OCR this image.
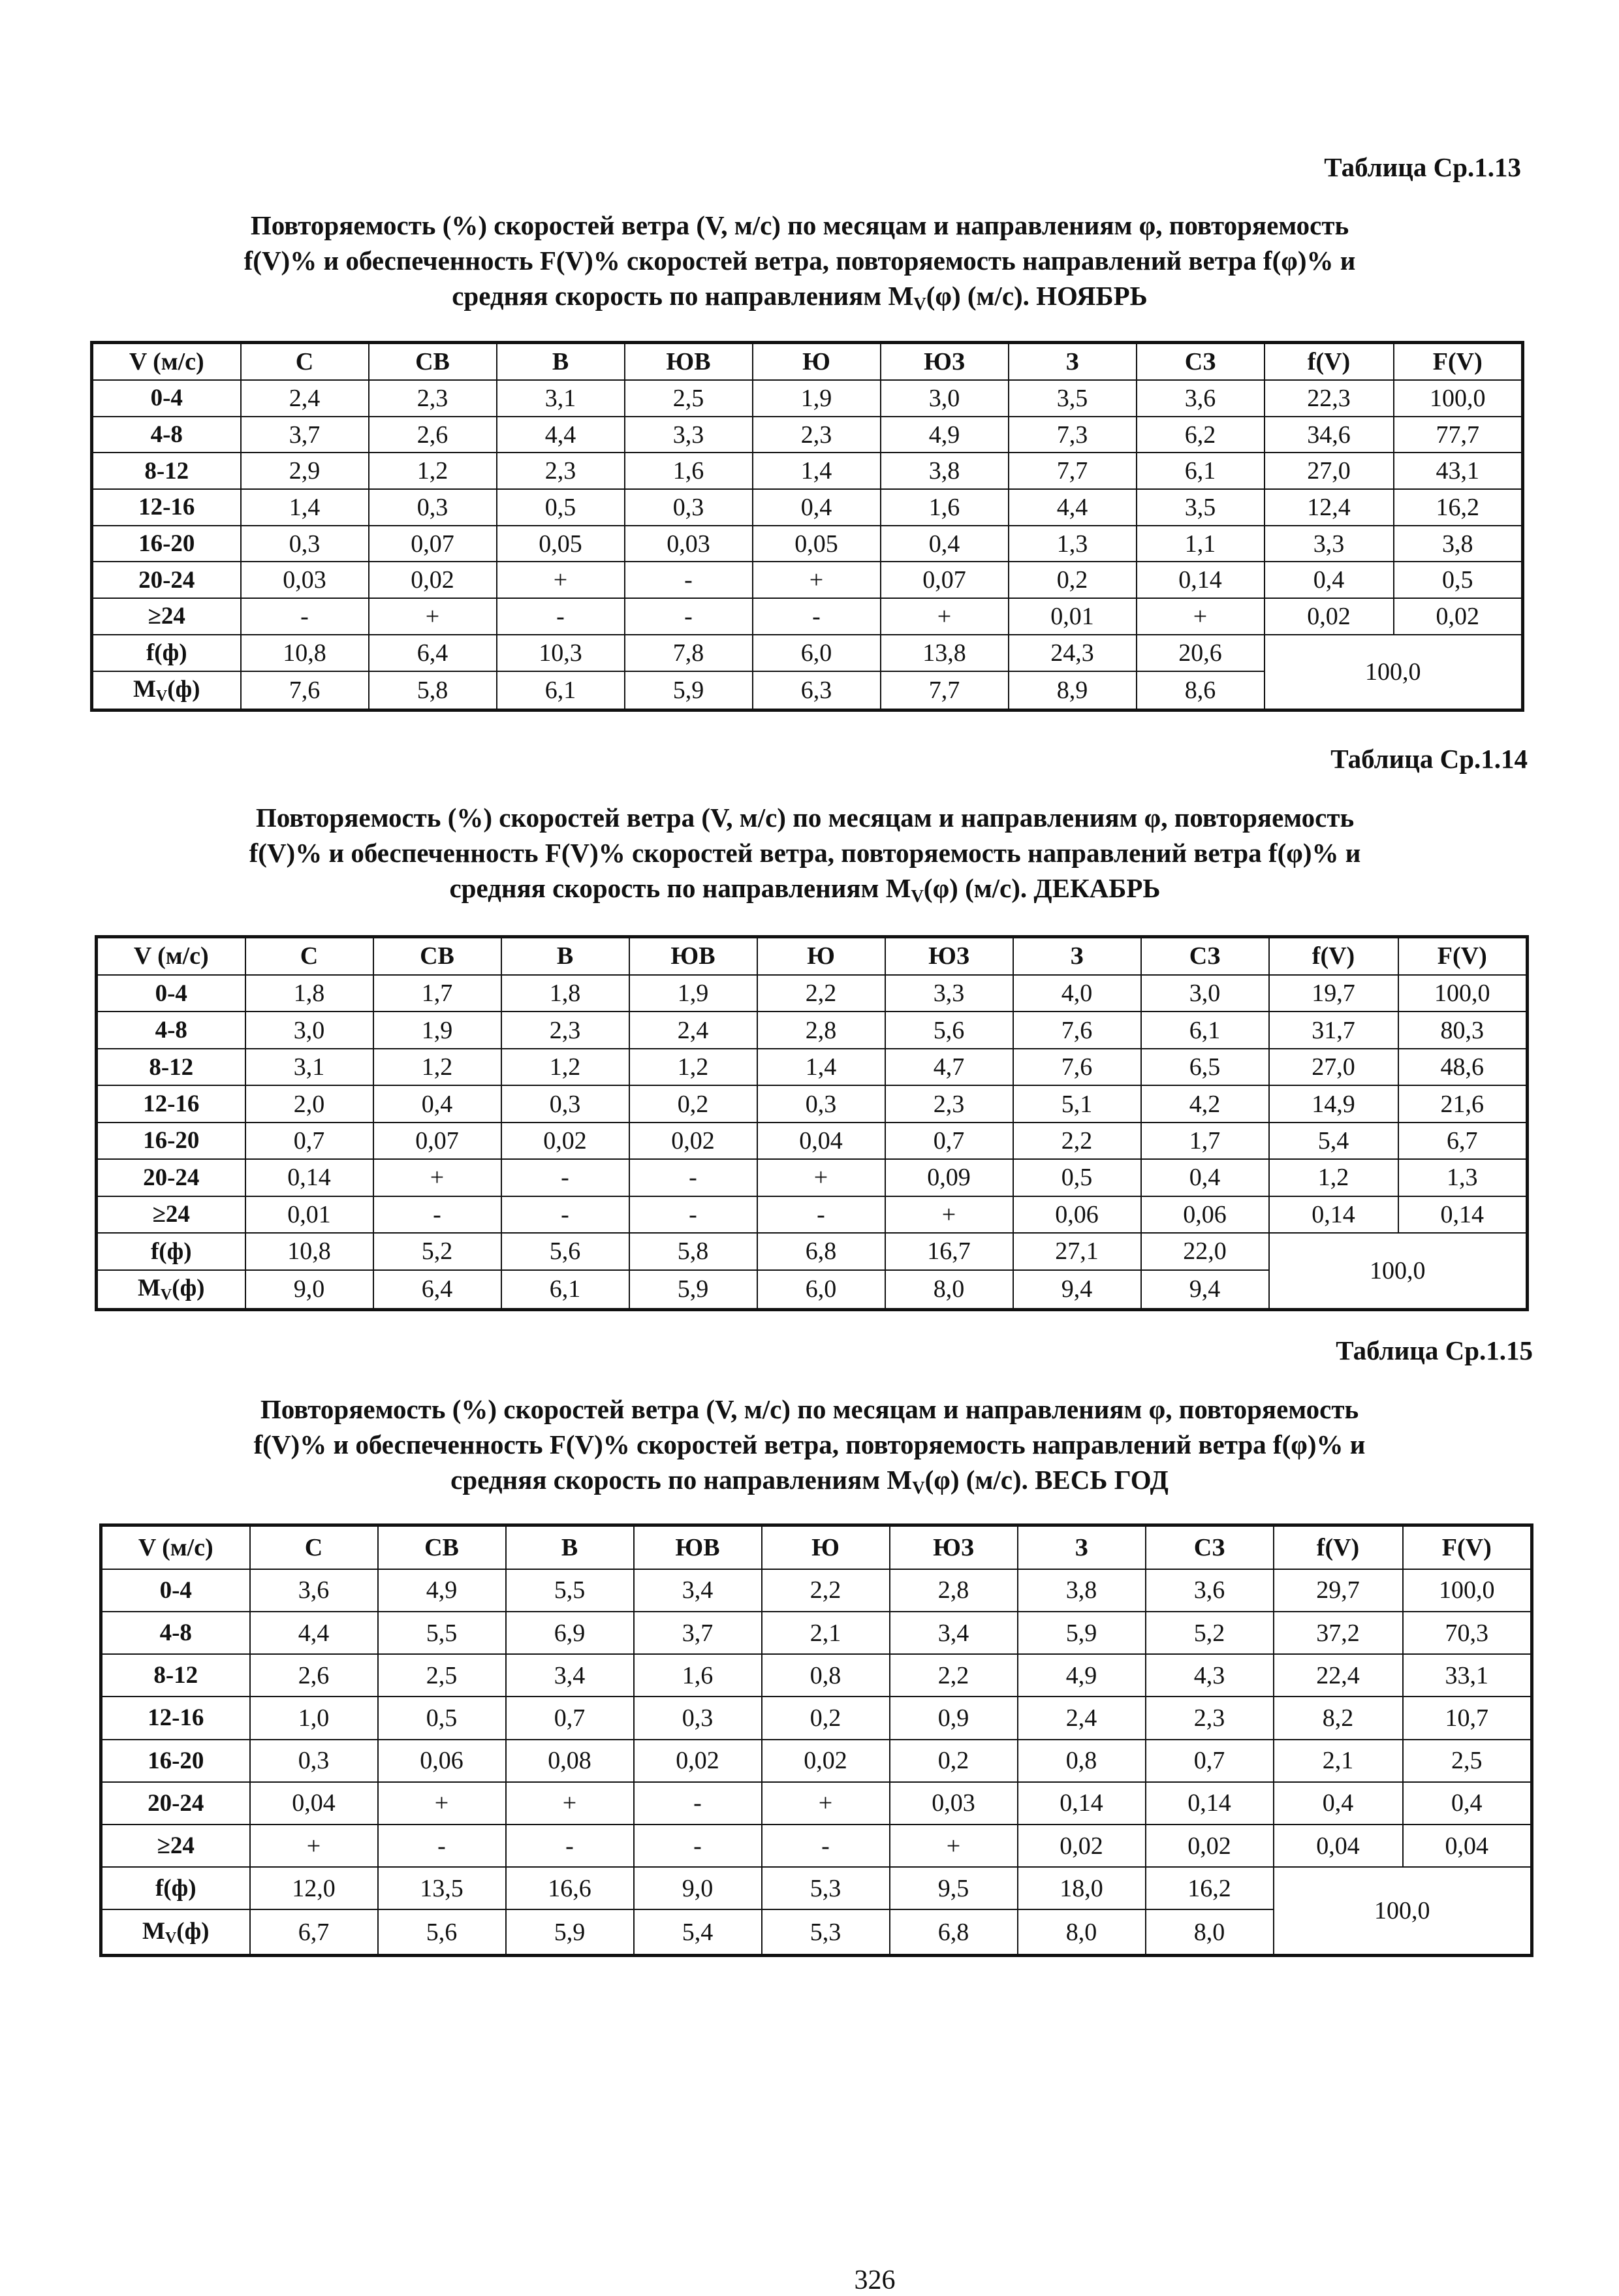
Таблица Ср.1.13

Повторяемость (%) скоростей ветра (V, м/с) по месяцам и направлениям φ, повторяемость
f(V)% и обеспеченность F(V)% скоростей ветра, повторяемость направлений ветра f(φ)% и
средняя скорость по направлениям $M_V(\varphi)$ (м/с). НОЯБРЬ

V (м/с)	С	СВ	В	ЮВ	Ю	ЮЗ	З	СЗ	f(V)	F(V)
0-4	2,4	2,3	3,1	2,5	1,9	3,0	3,5	3,6	22,3	100,0
4-8	3,7	2,6	4,4	3,3	2,3	4,9	7,3	6,2	34,6	77,7
8-12	2,9	1,2	2,3	1,6	1,4	3,8	7,7	6,1	27,0	43,1
12-16	1,4	0,3	0,5	0,3	0,4	1,6	4,4	3,5	12,4	16,2
16-20	0,3	0,07	0,05	0,03	0,05	0,4	1,3	1,1	3,3	3,8
20-24	0,03	0,02	+	-	+	0,07	0,2	0,14	0,4	0,5
≥24	-	+	-	-	-	+	0,01	+	0,02	0,02
f(ф)	10,8	6,4	10,3	7,8	6,0	13,8	24,3	20,6	100,0	
$M_V(ф)$	7,6	5,8	6,1	5,9	6,3	7,7	8,9	8,6		

Таблица Ср.1.14

Повторяемость (%) скоростей ветра (V, м/с) по месяцам и направлениям φ, повторяемость
f(V)% и обеспеченность F(V)% скоростей ветра, повторяемость направлений ветра f(φ)% и
средняя скорость по направлениям $M_V(\varphi)$ (м/с). ДЕКАБРЬ

V (м/с)	С	СВ	В	ЮВ	Ю	ЮЗ	З	СЗ	f(V)	F(V)
0-4	1,8	1,7	1,8	1,9	2,2	3,3	4,0	3,0	19,7	100,0
4-8	3,0	1,9	2,3	2,4	2,8	5,6	7,6	6,1	31,7	80,3
8-12	3,1	1,2	1,2	1,2	1,4	4,7	7,6	6,5	27,0	48,6
12-16	2,0	0,4	0,3	0,2	0,3	2,3	5,1	4,2	14,9	21,6
16-20	0,7	0,07	0,02	0,02	0,04	0,7	2,2	1,7	5,4	6,7
20-24	0,14	+	-	-	+	0,09	0,5	0,4	1,2	1,3
≥24	0,01	-	-	-	-	+	0,06	0,06	0,14	0,14
f(ф)	10,8	5,2	5,6	5,8	6,8	16,7	27,1	22,0	100,0	
$M_V(ф)$	9,0	6,4	6,1	5,9	6,0	8,0	9,4	9,4		

Таблица Ср.1.15

Повторяемость (%) скоростей ветра (V, м/с) по месяцам и направлениям φ, повторяемость
f(V)% и обеспеченность F(V)% скоростей ветра, повторяемость направлений ветра f(φ)% и
средняя скорость по направлениям $M_V(\varphi)$ (м/с). ВЕСЬ ГОД

V (м/с)	С	СВ	В	ЮВ	Ю	ЮЗ	З	СЗ	f(V)	F(V)
0-4	3,6	4,9	5,5	3,4	2,2	2,8	3,8	3,6	29,7	100,0
4-8	4,4	5,5	6,9	3,7	2,1	3,4	5,9	5,2	37,2	70,3
8-12	2,6	2,5	3,4	1,6	0,8	2,2	4,9	4,3	22,4	33,1
12-16	1,0	0,5	0,7	0,3	0,2	0,9	2,4	2,3	8,2	10,7
16-20	0,3	0,06	0,08	0,02	0,02	0,2	0,8	0,7	2,1	2,5
20-24	0,04	+	+	-	+	0,03	0,14	0,14	0,4	0,4
≥24	+	-	-	-	-	+	0,02	0,02	0,04	0,04
f(ф)	12,0	13,5	16,6	9,0	5,3	9,5	18,0	16,2	100,0	
$M_V(ф)$	6,7	5,6	5,9	5,4	5,3	6,8	8,0	8,0		

326
